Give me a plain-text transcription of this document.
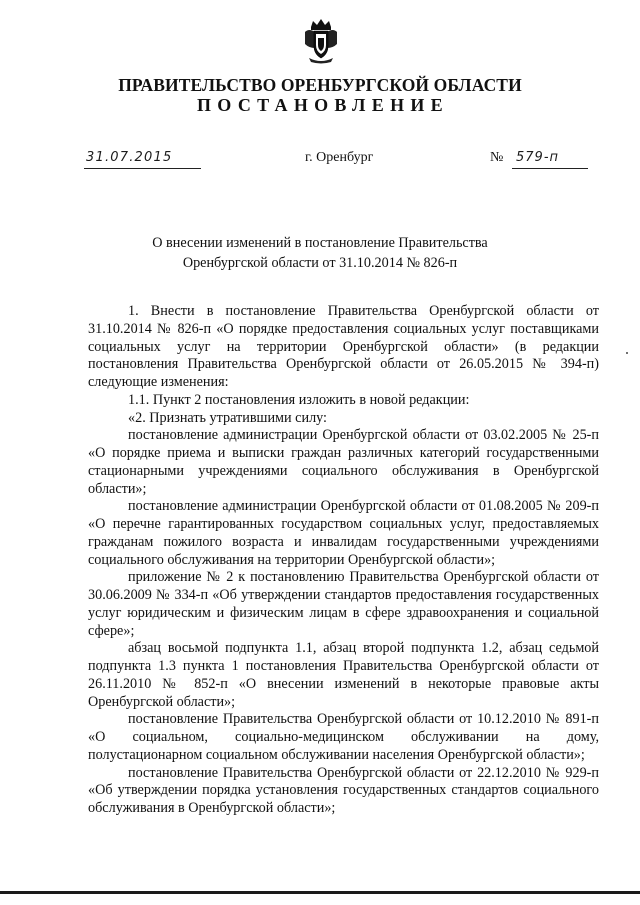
ПРАВИТЕЛЬСТВО ОРЕНБУРГСКОЙ ОБЛАСТИ
ПОСТАНОВЛЕНИЕ
31.07.2015	г. Оренбург	№ 579-п
О внесении изменений в постановление Правительства
Оренбургской области от 31.10.2014 № 826-п

1. Внести в постановление Правительства Оренбургской области от 31.10.2014 № 826-п «О порядке предоставления социальных услуг поставщиками социальных услуг на территории Оренбургской области» (в редакции постановления Правительства Оренбургской области от 26.05.2015 № 394-п) следующие изменения:

1.1. Пункт 2 постановления изложить в новой редакции:

«2. Признать утратившими силу:

постановление администрации Оренбургской области от 03.02.2005 № 25-п «О порядке приема и выписки граждан различных категорий государственными стационарными учреждениями социального обслуживания в Оренбургской области»;

постановление администрации Оренбургской области от 01.08.2005 № 209-п «О перечне гарантированных государством социальных услуг, предоставляемых гражданам пожилого возраста и инвалидам государственными учреждениями социального обслуживания на территории Оренбургской области»;

приложение № 2 к постановлению Правительства Оренбургской области от 30.06.2009 № 334-п «Об утверждении стандартов предоставления государственных услуг юридическим и физическим лицам в сфере здравоохранения и социальной сфере»;

абзац восьмой подпункта 1.1, абзац второй подпункта 1.2, абзац седьмой подпункта 1.3 пункта 1 постановления Правительства Оренбургской области от 26.11.2010 № 852-п «О внесении изменений в некоторые правовые акты Оренбургской области»;

постановление Правительства Оренбургской области от 10.12.2010 № 891-п «О социальном, социально-медицинском обслуживании на дому, полустационарном социальном обслуживании населения Оренбургской области»;

постановление Правительства Оренбургской области от 22.12.2010 № 929-п «Об утверждении порядка установления государственных стандартов социального обслуживания в Оренбургской области»;
